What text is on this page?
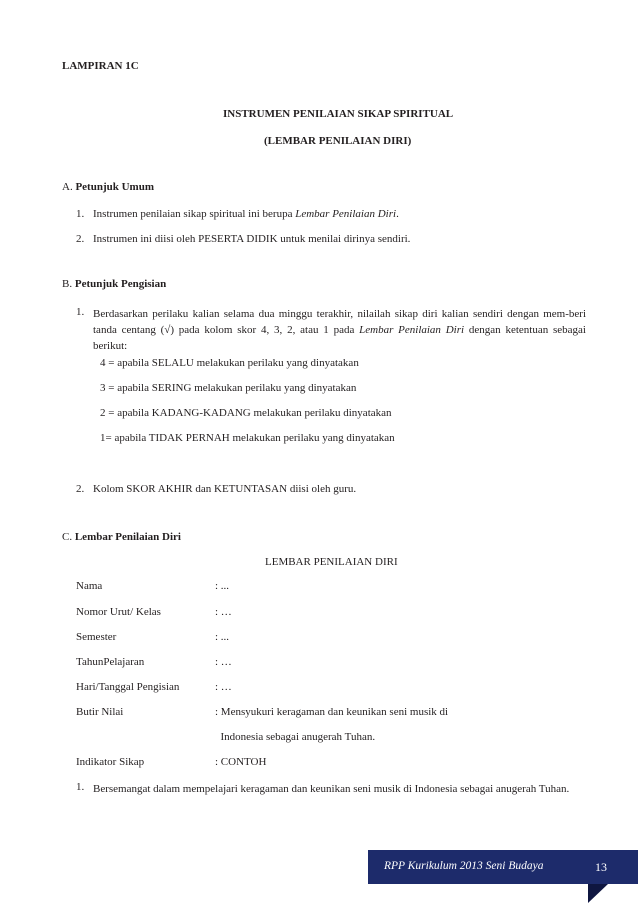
LAMPIRAN 1C
INSTRUMEN PENILAIAN SIKAP SPIRITUAL
(LEMBAR PENILAIAN DIRI)
A. Petunjuk Umum
1. Instrumen penilaian sikap spiritual ini berupa Lembar Penilaian Diri.
2. Instrumen ini diisi oleh PESERTA DIDIK untuk menilai dirinya sendiri.
B. Petunjuk Pengisian
1. Berdasarkan perilaku kalian selama dua minggu terakhir, nilailah sikap diri kalian sendiri dengan mem-beri tanda centang (√) pada kolom skor 4, 3, 2, atau 1 pada Lembar Penilaian Diri dengan ketentuan sebagai berikut:
4 = apabila SELALU melakukan perilaku yang dinyatakan
3 = apabila SERING melakukan perilaku yang dinyatakan
2 = apabila KADANG-KADANG melakukan perilaku dinyatakan
1= apabila TIDAK PERNAH melakukan perilaku yang dinyatakan
2. Kolom SKOR AKHIR dan KETUNTASAN diisi oleh guru.
C. Lembar Penilaian Diri
LEMBAR PENILAIAN DIRI
Nama	: ...
Nomor Urut/ Kelas	: …
Semester	: ...
TahunPelajaran	: …
Hari/Tanggal Pengisian	: …
Butir Nilai	: Mensyukuri keragaman dan keunikan seni musik di
Indonesia sebagai anugerah Tuhan.
Indikator Sikap	: CONTOH
1. Bersemangat dalam mempelajari keragaman dan keunikan seni musik di Indonesia sebagai anugerah Tuhan.
RPP Kurikulum 2013 Seni Budaya	13
